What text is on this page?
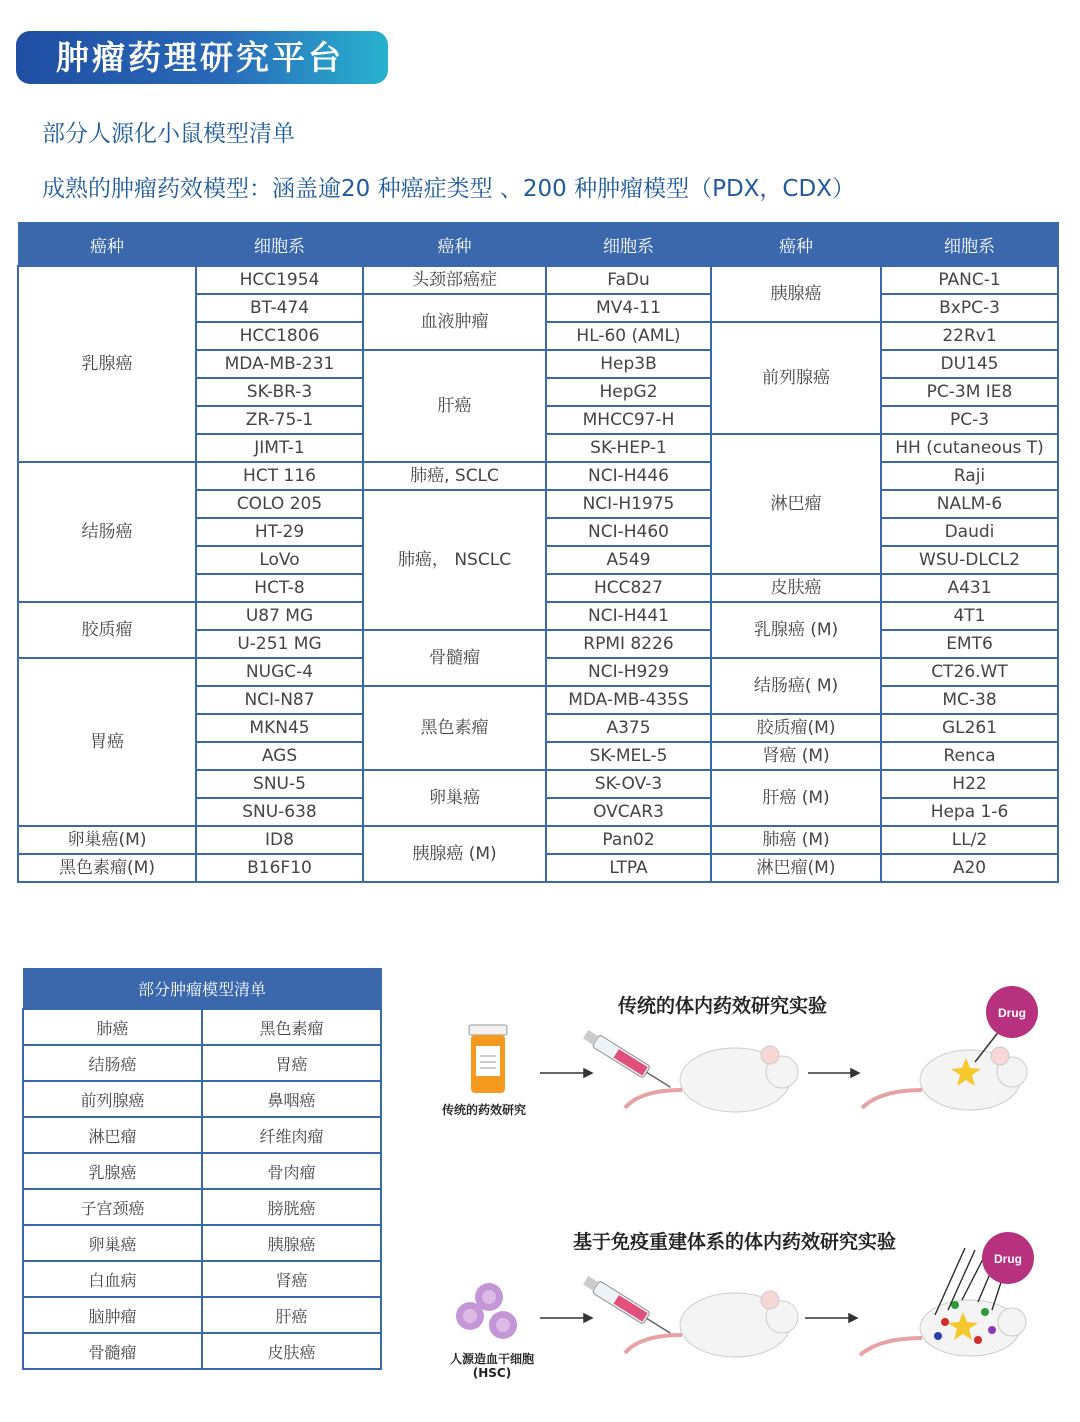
肿瘤药理研究平台
部分人源化小鼠模型清单
成熟的肿瘤药效模型：涵盖逾20 种癌症类型 、200 种肿瘤模型（PDX，CDX）
癌种	细胞系	癌种	细胞系	癌种	细胞系
乳腺癌	HCC1954	头颈部癌症	FaDu	胰腺癌	PANC-1
	BT-474	血液肿瘤	MV4-11		BxPC-3
	HCC1806		HL-60 (AML)	前列腺癌	22Rv1
	MDA-MB-231	肝癌	Hep3B		DU145
	SK-BR-3		HepG2		PC-3M IE8
	ZR-75-1		MHCC97-H		PC-3
	JIMT-1		SK-HEP-1	淋巴瘤	HH (cutaneous T)
结肠癌	HCT 116	肺癌, SCLC	NCI-H446		Raji
	COLO 205	肺癌， NSCLC	NCI-H1975		NALM-6
	HT-29		NCI-H460		Daudi
	LoVo		A549		WSU-DLCL2
	HCT-8		HCC827	皮肤癌	A431
胶质瘤	U87 MG		NCI-H441	乳腺癌 (M)	4T1
	U-251 MG	骨髓瘤	RPMI 8226		EMT6
胃癌	NUGC-4		NCI-H929	结肠癌( M)	CT26.WT
	NCI-N87	黑色素瘤	MDA-MB-435S		MC-38
	MKN45		A375	胶质瘤(M)	GL261
	AGS		SK-MEL-5	肾癌 (M)	Renca
	SNU-5	卵巢癌	SK-OV-3	肝癌 (M)	H22
	SNU-638		OVCAR3		Hepa 1-6
卵巢癌(M)	ID8	胰腺癌 (M)	Pan02	肺癌 (M)	LL/2
黑色素瘤(M)	B16F10		LTPA	淋巴瘤(M)	A20
部分肿瘤模型清单	
肺癌	黑色素瘤
结肠癌	胃癌
前列腺癌	鼻咽癌
淋巴瘤	纤维肉瘤
乳腺癌	骨肉瘤
子宫颈癌	膀胱癌
卵巢癌	胰腺癌
白血病	肾癌
脑肿瘤	肝癌
骨髓瘤	皮肤癌
传统的体内药效研究实验
基于免疫重建体系的体内药效研究实验
传统的药效研究
人源造血干细胞
(HSC)
Drug
Drug
